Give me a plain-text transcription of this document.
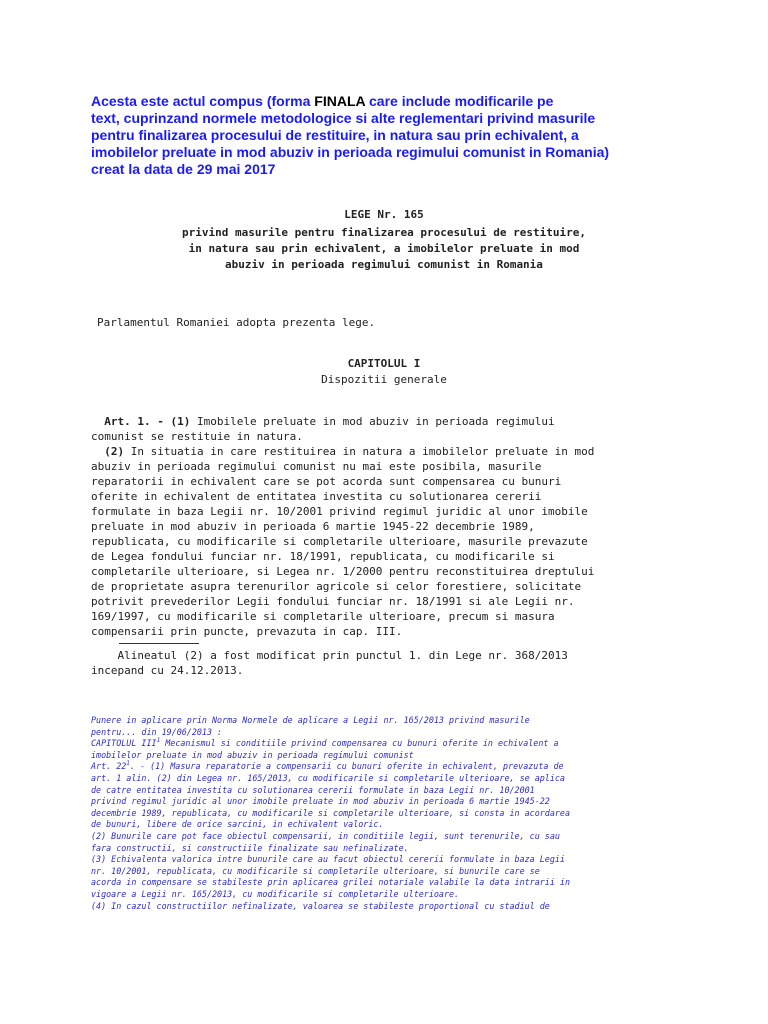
Acesta este actul compus (forma FINALA care include modificarile pe
text, cuprinzand normele metodologice si alte reglementari privind masurile
pentru finalizarea procesului de restituire, in natura sau prin echivalent, a
imobilelor preluate in mod abuziv in perioada regimului comunist in Romania)
creat la data de 29 mai 2017
LEGE Nr. 165
privind masurile pentru finalizarea procesului de restituire,
in natura sau prin echivalent, a imobilelor preluate in mod
abuziv in perioada regimului comunist in Romania
Parlamentul Romaniei adopta prezenta lege.
CAPITOLUL I
Dispozitii generale
Art. 1. - (1) Imobilele preluate in mod abuziv in perioada regimului
comunist se restituie in natura.
(2) In situatia in care restituirea in natura a imobilelor preluate in mod
abuziv in perioada regimului comunist nu mai este posibila, masurile
reparatorii in echivalent care se pot acorda sunt compensarea cu bunuri
oferite in echivalent de entitatea investita cu solutionarea cererii
formulate in baza Legii nr. 10/2001 privind regimul juridic al unor imobile
preluate in mod abuziv in perioada 6 martie 1945-22 decembrie 1989,
republicata, cu modificarile si completarile ulterioare, masurile prevazute
de Legea fondului funciar nr. 18/1991, republicata, cu modificarile si
completarile ulterioare, si Legea nr. 1/2000 pentru reconstituirea dreptului
de proprietate asupra terenurilor agricole si celor forestiere, solicitate
potrivit prevederilor Legii fondului funciar nr. 18/1991 si ale Legii nr.
169/1997, cu modificarile si completarile ulterioare, precum si masura
compensarii prin puncte, prevazuta in cap. III.
Alineatul (2) a fost modificat prin punctul 1. din Lege nr. 368/2013
incepand cu 24.12.2013.
Punere in aplicare prin Norma Normele de aplicare a Legii nr. 165/2013 privind masurile
pentru... din 19/06/2013 :
CAPITOLUL III$^1$ Mecanismul si conditiile privind compensarea cu bunuri oferite in echivalent a
imobilelor preluate in mod abuziv in perioada regimului comunist
Art. $22^1$. - (1) Masura reparatorie a compensarii cu bunuri oferite in echivalent, prevazuta de
art. 1 alin. (2) din Legea nr. 165/2013, cu modificarile si completarile ulterioare, se aplica
de catre entitatea investita cu solutionarea cererii formulate in baza Legii nr. 10/2001
privind regimul juridic al unor imobile preluate in mod abuziv in perioada 6 martie 1945-22
decembrie 1989, republicata, cu modificarile si completarile ulterioare, si consta in acordarea
de bunuri, libere de orice sarcini, in echivalent valoric.
(2) Bunurile care pot face obiectul compensarii, in conditiile legii, sunt terenurile, cu sau
fara constructii, si constructiile finalizate sau nefinalizate.
(3) Echivalenta valorica intre bunurile care au facut obiectul cererii formulate in baza Legii
nr. 10/2001, republicata, cu modificarile si completarile ulterioare, si bunurile care se
acorda in compensare se stabileste prin aplicarea grilei notariale valabile la data intrarii in
vigoare a Legii nr. 165/2013, cu modificarile si completarile ulterioare.
(4) In cazul constructiilor nefinalizate, valoarea se stabileste proportional cu stadiul de
